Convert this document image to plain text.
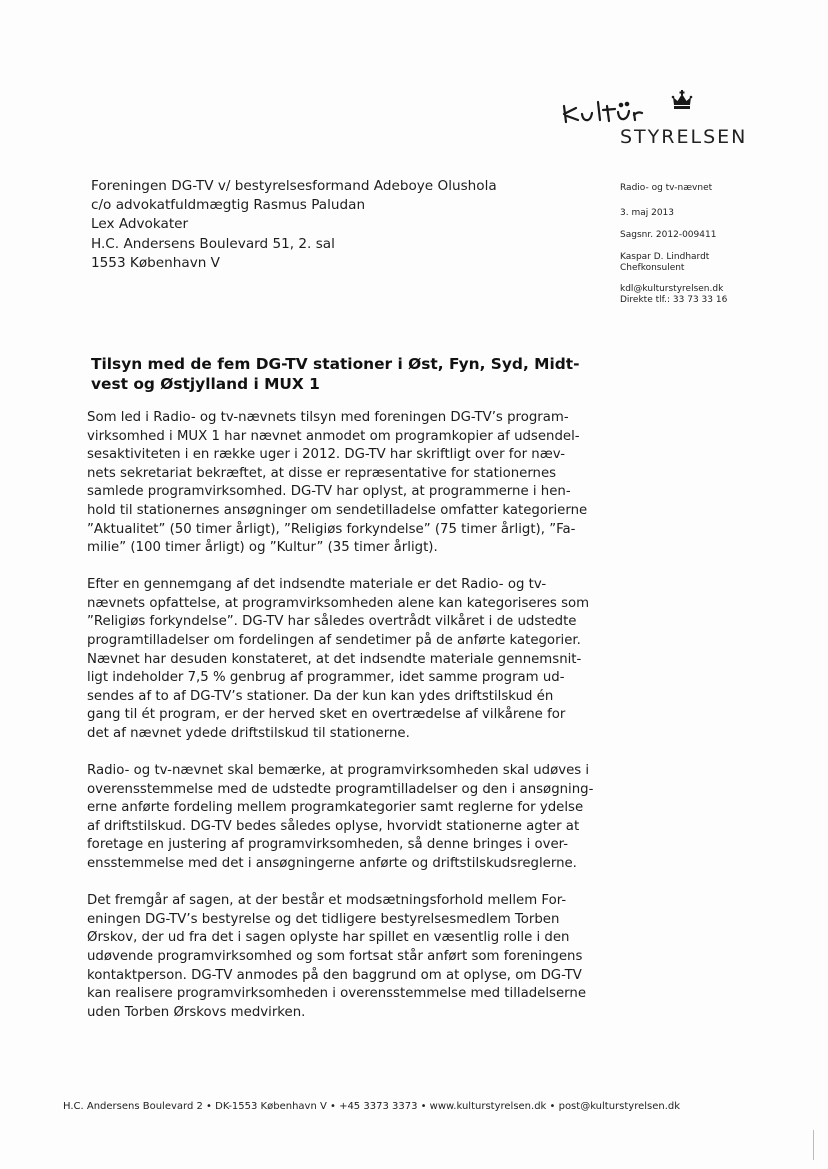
STYRELSEN
Foreningen DG-TV v/ bestyrelsesformand Adeboye Olushola
c/o advokatfuldmægtig Rasmus Paludan
Lex Advokater
H.C. Andersens Boulevard 51, 2. sal
1553 København V
Radio- og tv-nævnet
3. maj 2013
Sagsnr. 2012-009411
Kaspar D. Lindhardt
Chefkonsulent
kdl@kulturstyrelsen.dk
Direkte tlf.: 33 73 33 16
Tilsyn med de fem DG-TV stationer i Øst, Fyn, Syd, Midt-
vest og Østjylland i MUX 1
Som led i Radio- og tv-nævnets tilsyn med foreningen DG-TV’s program-
virksomhed i MUX 1 har nævnet anmodet om programkopier af udsendel-
sesaktiviteten i en række uger i 2012. DG-TV har skriftligt over for næv-
nets sekretariat bekræftet, at disse er repræsentative for stationernes
samlede programvirksomhed. DG-TV har oplyst, at programmerne i hen-
hold til stationernes ansøgninger om sendetilladelse omfatter kategorierne
”Aktualitet” (50 timer årligt), ”Religiøs forkyndelse” (75 timer årligt), ”Fa-
milie” (100 timer årligt) og ”Kultur” (35 timer årligt).
Efter en gennemgang af det indsendte materiale er det Radio- og tv-
nævnets opfattelse, at programvirksomheden alene kan kategoriseres som
”Religiøs forkyndelse”. DG-TV har således overtrådt vilkåret i de udstedte
programtilladelser om fordelingen af sendetimer på de anførte kategorier.
Nævnet har desuden konstateret, at det indsendte materiale gennemsnit-
ligt indeholder 7,5 % genbrug af programmer, idet samme program ud-
sendes af to af DG-TV’s stationer. Da der kun kan ydes driftstilskud én
gang til ét program, er der herved sket en overtrædelse af vilkårene for
det af nævnet ydede driftstilskud til stationerne.
Radio- og tv-nævnet skal bemærke, at programvirksomheden skal udøves i
overensstemmelse med de udstedte programtilladelser og den i ansøgning-
erne anførte fordeling mellem programkategorier samt reglerne for ydelse
af driftstilskud. DG-TV bedes således oplyse, hvorvidt stationerne agter at
foretage en justering af programvirksomheden, så denne bringes i over-
ensstemmelse med det i ansøgningerne anførte og driftstilskudsreglerne.
Det fremgår af sagen, at der består et modsætningsforhold mellem For-
eningen DG-TV’s bestyrelse og det tidligere bestyrelsesmedlem Torben
Ørskov, der ud fra det i sagen oplyste har spillet en væsentlig rolle i den
udøvende programvirksomhed og som fortsat står anført som foreningens
kontaktperson. DG-TV anmodes på den baggrund om at oplyse, om DG-TV
kan realisere programvirksomheden i overensstemmelse med tilladelserne
uden Torben Ørskovs medvirken.
H.C. Andersens Boulevard 2 • DK-1553 København V • +45 3373 3373 • www.kulturstyrelsen.dk • post@kulturstyrelsen.dk
